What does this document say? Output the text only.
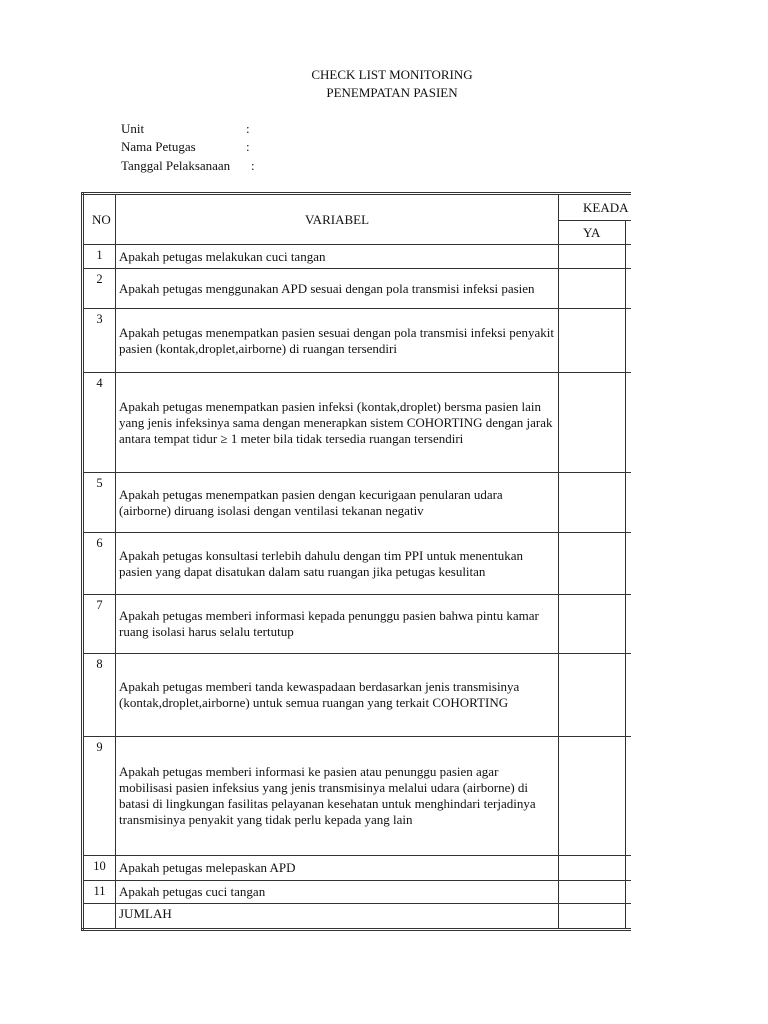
CHECK LIST MONITORING
PENEMPATAN PASIEN
Unit	:
Nama Petugas	:
Tanggal Pelaksanaan :
NO	VARIABEL	KEADA	
		YA	
1	Apakah petugas melakukan cuci tangan		
2	Apakah petugas menggunakan APD sesuai dengan pola transmisi infeksi pasien		
3	Apakah petugas menempatkan pasien sesuai dengan pola transmisi infeksi penyakit pasien (kontak,droplet,airborne) di ruangan tersendiri		
4	Apakah petugas menempatkan pasien infeksi (kontak,droplet) bersma pasien lain yang jenis infeksinya sama dengan menerapkan sistem COHORTING dengan jarak antara tempat tidur ≥ 1 meter bila tidak tersedia ruangan tersendiri		
5	Apakah petugas menempatkan pasien dengan kecurigaan penularan udara (airborne) diruang isolasi dengan ventilasi tekanan negativ		
6	Apakah petugas konsultasi terlebih dahulu dengan tim PPI untuk menentukan pasien yang dapat disatukan dalam satu ruangan jika petugas kesulitan		
7	Apakah petugas memberi informasi kepada penunggu pasien bahwa pintu kamar ruang isolasi harus selalu tertutup		
8	Apakah petugas memberi tanda kewaspadaan berdasarkan jenis transmisinya (kontak,droplet,airborne) untuk semua ruangan yang terkait COHORTING		
9	Apakah petugas memberi informasi ke pasien atau penunggu pasien agar mobilisasi pasien infeksius yang jenis transmisinya melalui udara (airborne) di batasi di lingkungan fasilitas pelayanan kesehatan untuk menghindari terjadinya transmisinya penyakit yang tidak perlu kepada yang lain		
10	Apakah petugas melepaskan APD		
11	Apakah petugas cuci tangan		
	JUMLAH		
